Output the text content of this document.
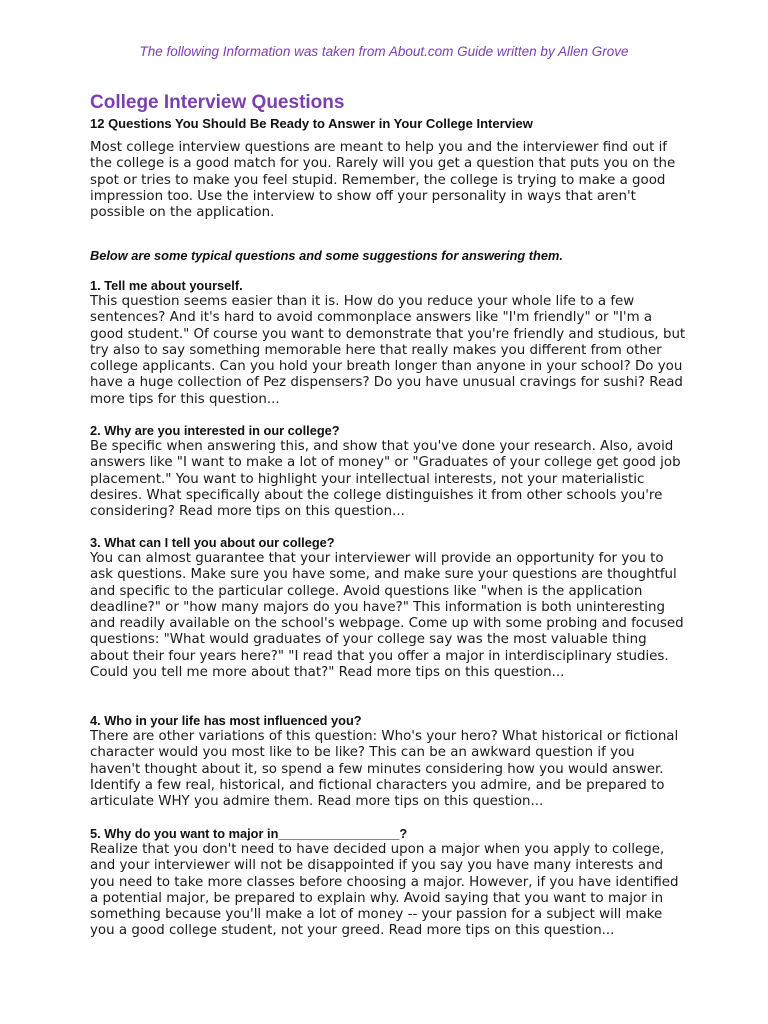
The following Information was taken from About.com Guide written by Allen Grove
College Interview Questions
12 Questions You Should Be Ready to Answer in Your College Interview

Most college interview questions are meant to help you and the interviewer find out if the college is a good match for you. Rarely will you get a question that puts you on the spot or tries to make you feel stupid. Remember, the college is trying to make a good impression too. Use the interview to show off your personality in ways that aren't possible on the application.

Below are some typical questions and some suggestions for answering them.

1. Tell me about yourself.

This question seems easier than it is. How do you reduce your whole life to a few sentences? And it's hard to avoid commonplace answers like "I'm friendly" or "I'm a good student." Of course you want to demonstrate that you're friendly and studious, but try also to say something memorable here that really makes you different from other college applicants. Can you hold your breath longer than anyone in your school? Do you have a huge collection of Pez dispensers? Do you have unusual cravings for sushi? Read more tips for this question...

2. Why are you interested in our college?

Be specific when answering this, and show that you've done your research. Also, avoid answers like "I want to make a lot of money" or "Graduates of your college get good job placement." You want to highlight your intellectual interests, not your materialistic desires. What specifically about the college distinguishes it from other schools you're considering? Read more tips on this question...

3. What can I tell you about our college?

You can almost guarantee that your interviewer will provide an opportunity for you to ask questions. Make sure you have some, and make sure your questions are thoughtful and specific to the particular college. Avoid questions like "when is the application deadline?" or "how many majors do you have?" This information is both uninteresting and readily available on the school's webpage. Come up with some probing and focused questions: "What would graduates of your college say was the most valuable thing about their four years here?" "I read that you offer a major in interdisciplinary studies. Could you tell me more about that?" Read more tips on this question...

4. Who in your life has most influenced you?

There are other variations of this question: Who's your hero? What historical or fictional character would you most like to be like? This can be an awkward question if you haven't thought about it, so spend a few minutes considering how you would answer. Identify a few real, historical, and fictional characters you admire, and be prepared to articulate WHY you admire them. Read more tips on this question...

5. Why do you want to major in_________________?

Realize that you don't need to have decided upon a major when you apply to college, and your interviewer will not be disappointed if you say you have many interests and you need to take more classes before choosing a major. However, if you have identified a potential major, be prepared to explain why. Avoid saying that you want to major in something because you'll make a lot of money -- your passion for a subject will make you a good college student, not your greed. Read more tips on this question...
